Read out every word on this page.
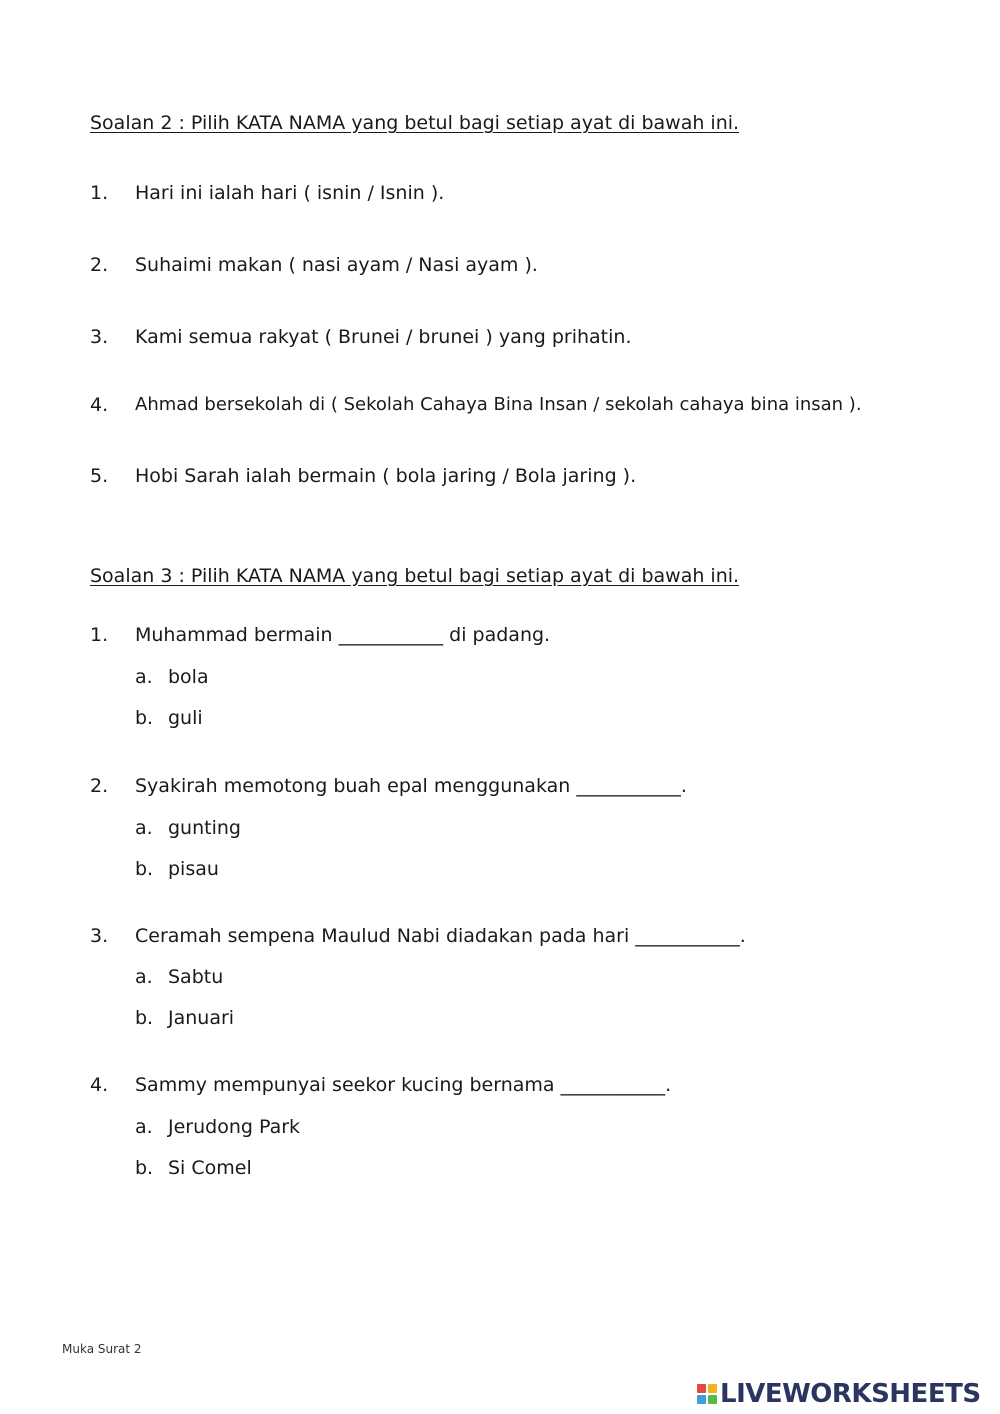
Soalan 2 : Pilih KATA NAMA yang betul bagi setiap ayat di bawah ini.
1. Hari ini ialah hari ( isnin / Isnin ).
2. Suhaimi makan ( nasi ayam / Nasi ayam ).
3. Kami semua rakyat ( Brunei / brunei ) yang prihatin.
4. Ahmad bersekolah di ( Sekolah Cahaya Bina Insan / sekolah cahaya bina insan ).
5. Hobi Sarah ialah bermain ( bola jaring / Bola jaring ).
Soalan 3 : Pilih KATA NAMA yang betul bagi setiap ayat di bawah ini.
1. Muhammad bermain ___________ di padang.
a. bola
b. guli
2. Syakirah memotong buah epal menggunakan ___________.
a. gunting
b. pisau
3. Ceramah sempena Maulud Nabi diadakan pada hari ___________.
a. Sabtu
b. Januari
4. Sammy mempunyai seekor kucing bernama ___________.
a. Jerudong Park
b. Si Comel
Muka Surat 2
LIVEWORKSHEETS
